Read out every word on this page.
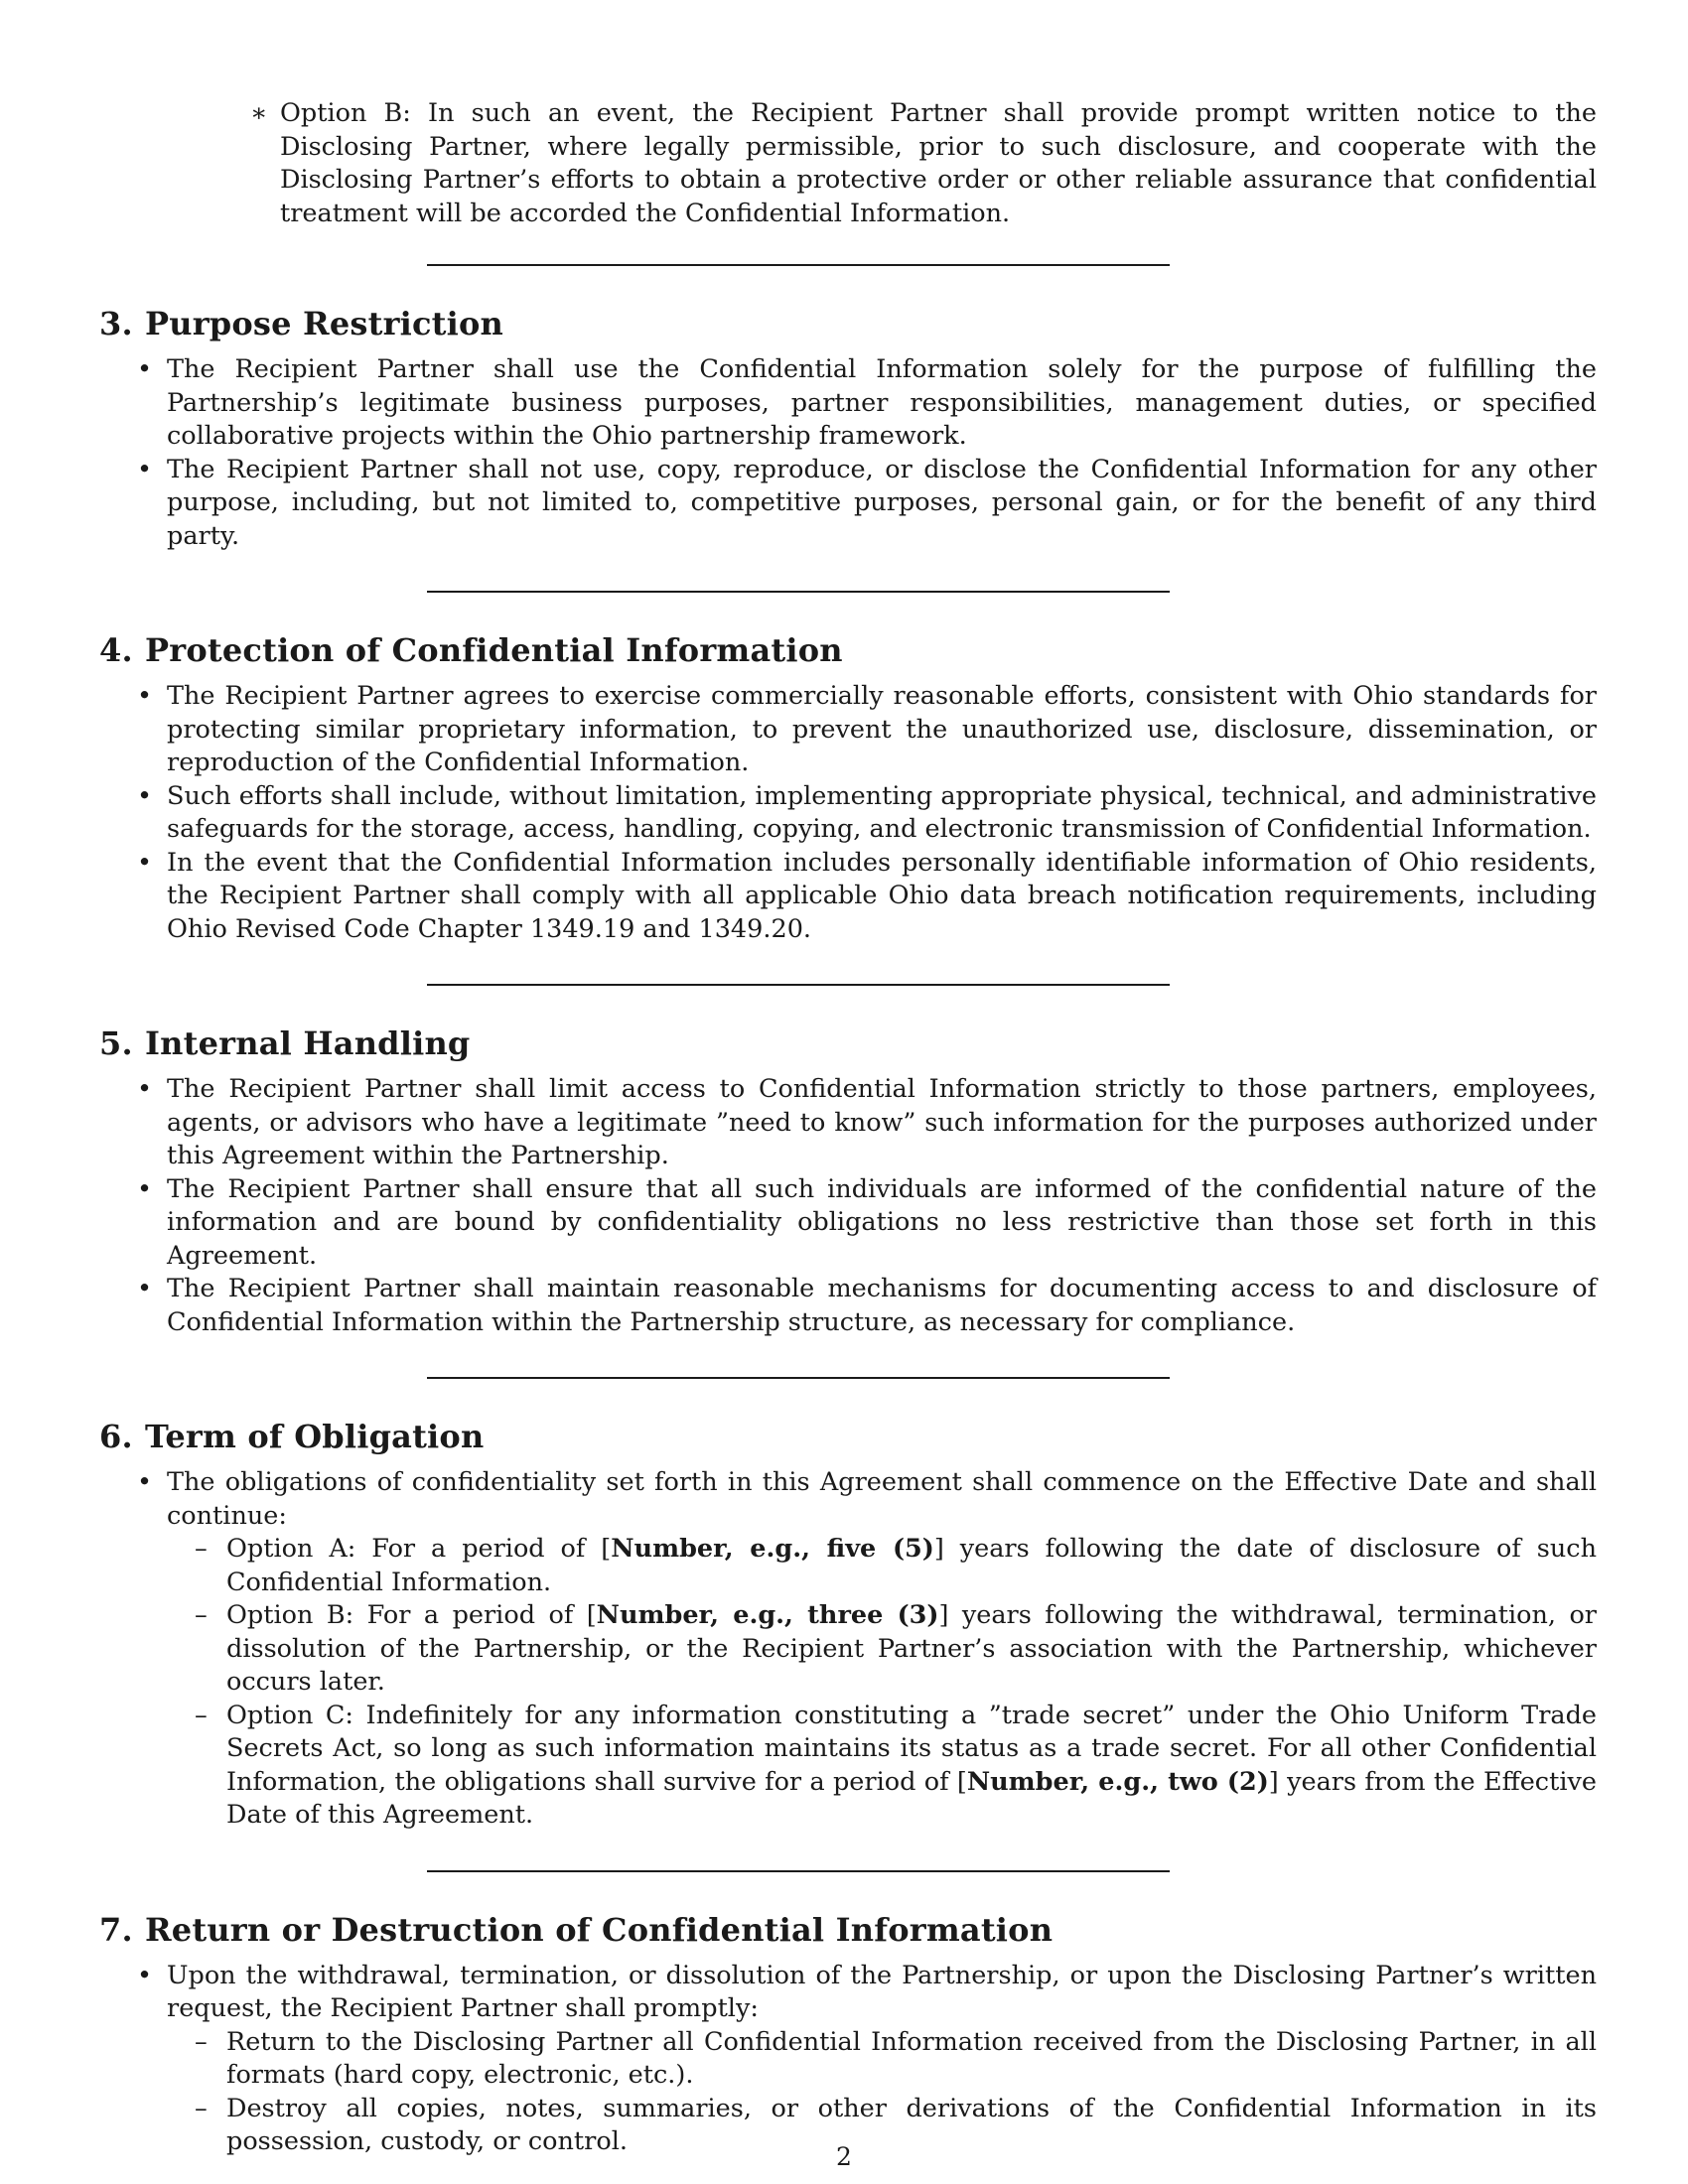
∗ Option B: In such an event, the Recipient Partner shall provide prompt written notice to the Disclosing Partner, where legally permissible, prior to such disclosure, and cooperate with the Disclosing Partner’s efforts to obtain a protective order or other reliable assurance that confidential treatment will be accorded the Confidential Information.
3. Purpose Restriction
• The Recipient Partner shall use the Confidential Information solely for the purpose of fulfilling the Partnership’s legitimate business purposes, partner responsibilities, management duties, or specified collaborative projects within the Ohio partnership framework.
• The Recipient Partner shall not use, copy, reproduce, or disclose the Confidential Information for any other purpose, including, but not limited to, competitive purposes, personal gain, or for the benefit of any third party.
4. Protection of Confidential Information
• The Recipient Partner agrees to exercise commercially reasonable efforts, consistent with Ohio standards for protecting similar proprietary information, to prevent the unauthorized use, disclosure, dissemination, or reproduction of the Confidential Information.
• Such efforts shall include, without limitation, implementing appropriate physical, technical, and administrative safeguards for the storage, access, handling, copying, and electronic transmission of Confidential Information.
• In the event that the Confidential Information includes personally identifiable information of Ohio residents, the Recipient Partner shall comply with all applicable Ohio data breach notification requirements, including Ohio Revised Code Chapter 1349.19 and 1349.20.
5. Internal Handling
• The Recipient Partner shall limit access to Confidential Information strictly to those partners, employees, agents, or advisors who have a legitimate ”need to know” such information for the purposes authorized under this Agreement within the Partnership.
• The Recipient Partner shall ensure that all such individuals are informed of the confidential nature of the information and are bound by confidentiality obligations no less restrictive than those set forth in this Agreement.
• The Recipient Partner shall maintain reasonable mechanisms for documenting access to and disclosure of Confidential Information within the Partnership structure, as necessary for compliance.
6. Term of Obligation
• The obligations of confidentiality set forth in this Agreement shall commence on the Effective Date and shall continue:
– Option A: For a period of [Number, e.g., five (5)] years following the date of disclosure of such Confidential Information.
– Option B: For a period of [Number, e.g., three (3)] years following the withdrawal, termination, or dissolution of the Partnership, or the Recipient Partner’s association with the Partnership, whichever occurs later.
– Option C: Indefinitely for any information constituting a ”trade secret” under the Ohio Uniform Trade Secrets Act, so long as such information maintains its status as a trade secret. For all other Confidential Information, the obligations shall survive for a period of [Number, e.g., two (2)] years from the Effective Date of this Agreement.
7. Return or Destruction of Confidential Information
• Upon the withdrawal, termination, or dissolution of the Partnership, or upon the Disclosing Partner’s written request, the Recipient Partner shall promptly:
– Return to the Disclosing Partner all Confidential Information received from the Disclosing Partner, in all formats (hard copy, electronic, etc.).
– Destroy all copies, notes, summaries, or other derivations of the Confidential Information in its possession, custody, or control.
2
